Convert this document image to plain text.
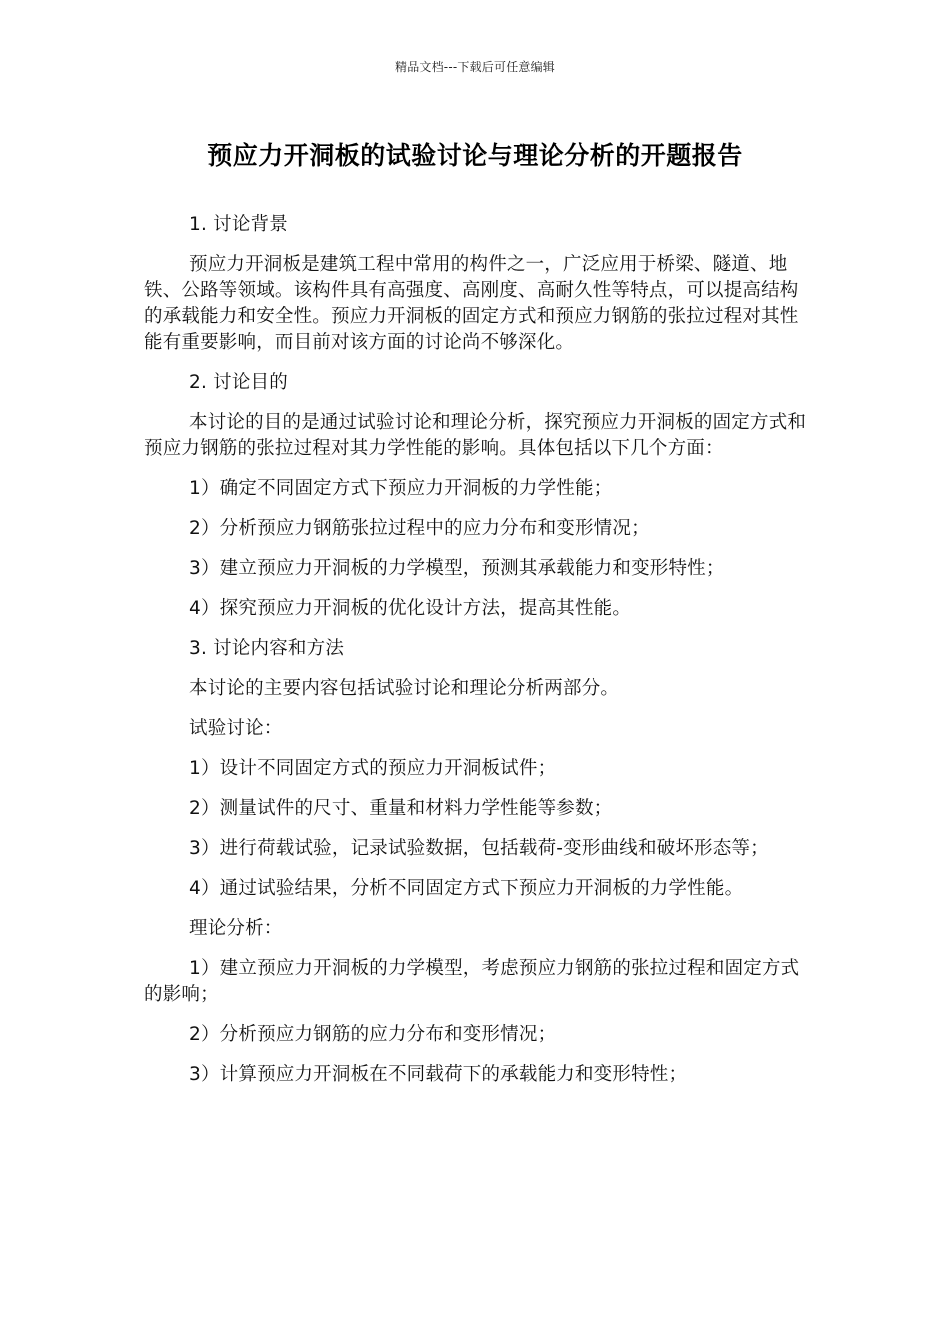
精品文档---下载后可任意编辑
预应力开洞板的试验讨论与理论分析的开题报告

1. 讨论背景

预应力开洞板是建筑工程中常用的构件之一，广泛应用于桥梁、隧道、地铁、公路等领域。该构件具有高强度、高刚度、高耐久性等特点，可以提高结构的承载能力和安全性。预应力开洞板的固定方式和预应力钢筋的张拉过程对其性能有重要影响，而目前对该方面的讨论尚不够深化。

2. 讨论目的

本讨论的目的是通过试验讨论和理论分析，探究预应力开洞板的固定方式和预应力钢筋的张拉过程对其力学性能的影响。具体包括以下几个方面：

1）确定不同固定方式下预应力开洞板的力学性能；

2）分析预应力钢筋张拉过程中的应力分布和变形情况；

3）建立预应力开洞板的力学模型，预测其承载能力和变形特性；

4）探究预应力开洞板的优化设计方法，提高其性能。

3. 讨论内容和方法

本讨论的主要内容包括试验讨论和理论分析两部分。

试验讨论：

1）设计不同固定方式的预应力开洞板试件；

2）测量试件的尺寸、重量和材料力学性能等参数；

3）进行荷载试验，记录试验数据，包括载荷-变形曲线和破坏形态等；

4）通过试验结果，分析不同固定方式下预应力开洞板的力学性能。

理论分析：

1）建立预应力开洞板的力学模型，考虑预应力钢筋的张拉过程和固定方式的影响；

2）分析预应力钢筋的应力分布和变形情况；

3）计算预应力开洞板在不同载荷下的承载能力和变形特性；
